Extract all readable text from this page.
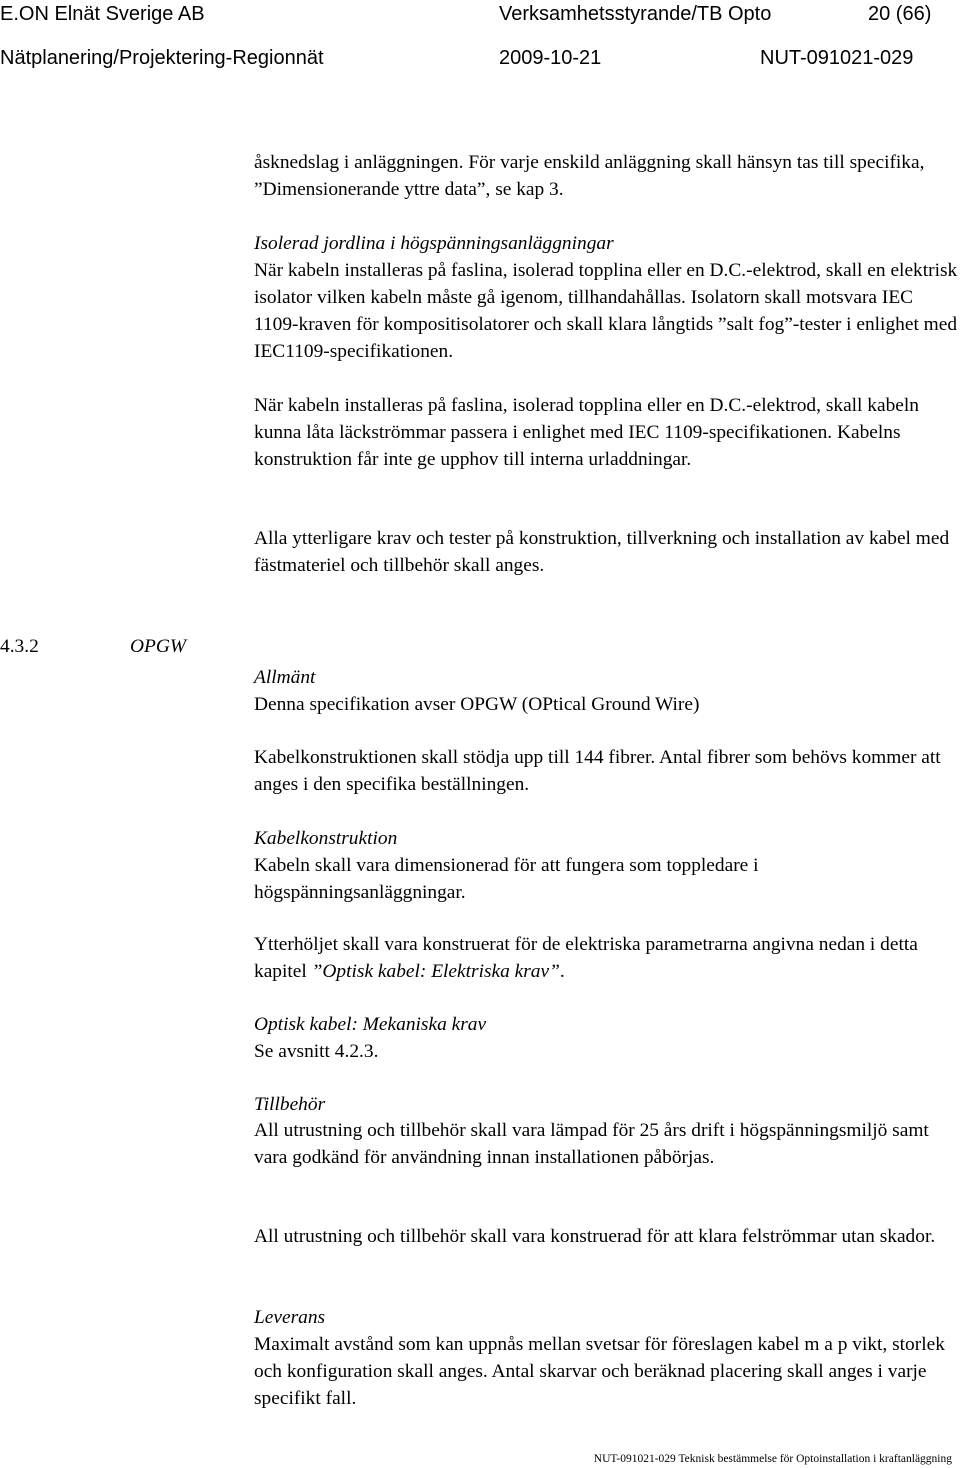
E.ON Elnät Sverige AB	Verksamhetsstyrande/TB Opto	20 (66)
Nätplanering/Projektering-Regionnät	2009-10-21	NUT-091021-029

åsknedslag i anläggningen. För varje enskild anläggning skall hänsyn tas till specifika, ”Dimensionerande yttre data”, se kap 3.

Isolerad jordlina i högspänningsanläggningar

När kabeln installeras på faslina, isolerad topplina eller en D.C.-elektrod, skall en elektrisk isolator vilken kabeln måste gå igenom, tillhandahållas. Isolatorn skall motsvara IEC 1109-kraven för kompositisolatorer och skall klara långtids ”salt fog”-tester i enlighet med IEC1109-specifikationen.

När kabeln installeras på faslina, isolerad topplina eller en D.C.-elektrod, skall kabeln kunna låta läckströmmar passera i enlighet med IEC 1109-specifikationen. Kabelns konstruktion får inte ge upphov till interna urladdningar.

Alla ytterligare krav och tester på konstruktion, tillverkning och installation av kabel med fästmateriel och tillbehör skall anges.

4.3.2	OPGW

Allmänt

Denna specifikation avser OPGW (OPtical Ground Wire)

Kabelkonstruktionen skall stödja upp till 144 fibrer. Antal fibrer som behövs kommer att anges i den specifika beställningen.

Kabelkonstruktion

Kabeln skall vara dimensionerad för att fungera som toppledare i högspänningsanläggningar.

Ytterhöljet skall vara konstruerat för de elektriska parametrarna angivna nedan i detta kapitel ”Optisk kabel: Elektriska krav”.

Optisk kabel: Mekaniska krav

Se avsnitt 4.2.3.

Tillbehör

All utrustning och tillbehör skall vara lämpad för 25 års drift i högspänningsmiljö samt vara godkänd för användning innan installationen påbörjas.

All utrustning och tillbehör skall vara konstruerad för att klara felströmmar utan skador.

Leverans

Maximalt avstånd som kan uppnås mellan svetsar för föreslagen kabel m a p vikt, storlek och konfiguration skall anges. Antal skarvar och beräknad placering skall anges i varje specifikt fall.

NUT-091021-029 Teknisk bestämmelse för Optoinstallation i kraftanläggning
